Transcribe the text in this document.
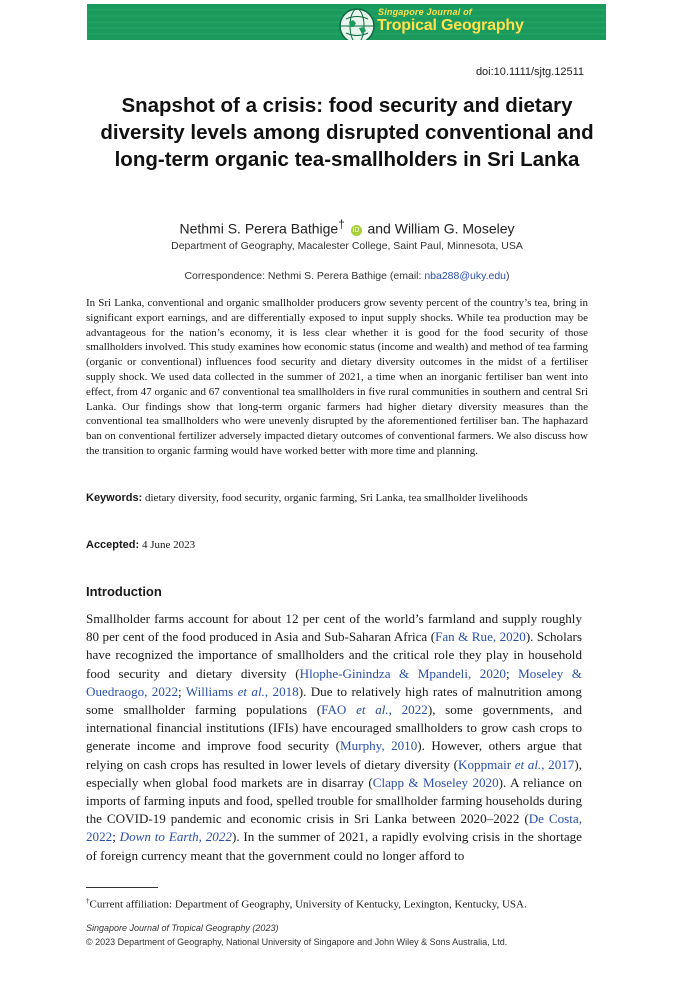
Singapore Journal of
Tropical Geography
doi:10.1111/sjtg.12511
Snapshot of a crisis: food security and dietary diversity levels among disrupted conventional and long-term organic tea-smallholders in Sri Lanka
Nethmi S. Perera Bathige† iD and William G. Moseley
Department of Geography, Macalester College, Saint Paul, Minnesota, USA
Correspondence: Nethmi S. Perera Bathige (email: nba288@uky.edu)
In Sri Lanka, conventional and organic smallholder producers grow seventy percent of the country’s tea, bring in significant export earnings, and are differentially exposed to input supply shocks. While tea production may be advantageous for the nation’s economy, it is less clear whether it is good for the food security of those smallholders involved. This study examines how economic status (income and wealth) and method of tea farming (organic or conventional) influences food security and dietary diversity outcomes in the midst of a fertiliser supply shock. We used data collected in the summer of 2021, a time when an inorganic fertiliser ban went into effect, from 47 organic and 67 conventional tea smallholders in five rural communities in southern and central Sri Lanka. Our findings show that long-term organic farmers had higher dietary diversity measures than the conventional tea smallholders who were unevenly disrupted by the aforementioned fertiliser ban. The haphazard ban on conventional fertilizer adversely impacted dietary outcomes of conventional farmers. We also discuss how the transition to organic farming would have worked better with more time and planning.
Keywords: dietary diversity, food security, organic farming, Sri Lanka, tea smallholder livelihoods
Accepted: 4 June 2023
Introduction
Smallholder farms account for about 12 per cent of the world’s farmland and supply roughly 80 per cent of the food produced in Asia and Sub-Saharan Africa (Fan & Rue, 2020). Scholars have recognized the importance of smallholders and the critical role they play in household food security and dietary diversity (Hlophe-Ginindza & Mpandeli, 2020; Moseley & Ouedraogo, 2022; Williams et al., 2018). Due to relatively high rates of malnutrition among some smallholder farming populations (FAO et al., 2022), some governments, and international financial institutions (IFIs) have encouraged smallholders to grow cash crops to generate income and improve food security (Murphy, 2010). However, others argue that relying on cash crops has resulted in lower levels of dietary diversity (Koppmair et al., 2017), especially when global food markets are in disarray (Clapp & Moseley 2020). A reliance on imports of farming inputs and food, spelled trouble for smallholder farming households during the COVID-19 pandemic and economic crisis in Sri Lanka between 2020–2022 (De Costa, 2022; Down to Earth, 2022). In the summer of 2021, a rapidly evolving crisis in the shortage of foreign currency meant that the government could no longer afford to
†Current affiliation: Department of Geography, University of Kentucky, Lexington, Kentucky, USA.
Singapore Journal of Tropical Geography (2023)
© 2023 Department of Geography, National University of Singapore and John Wiley & Sons Australia, Ltd.
